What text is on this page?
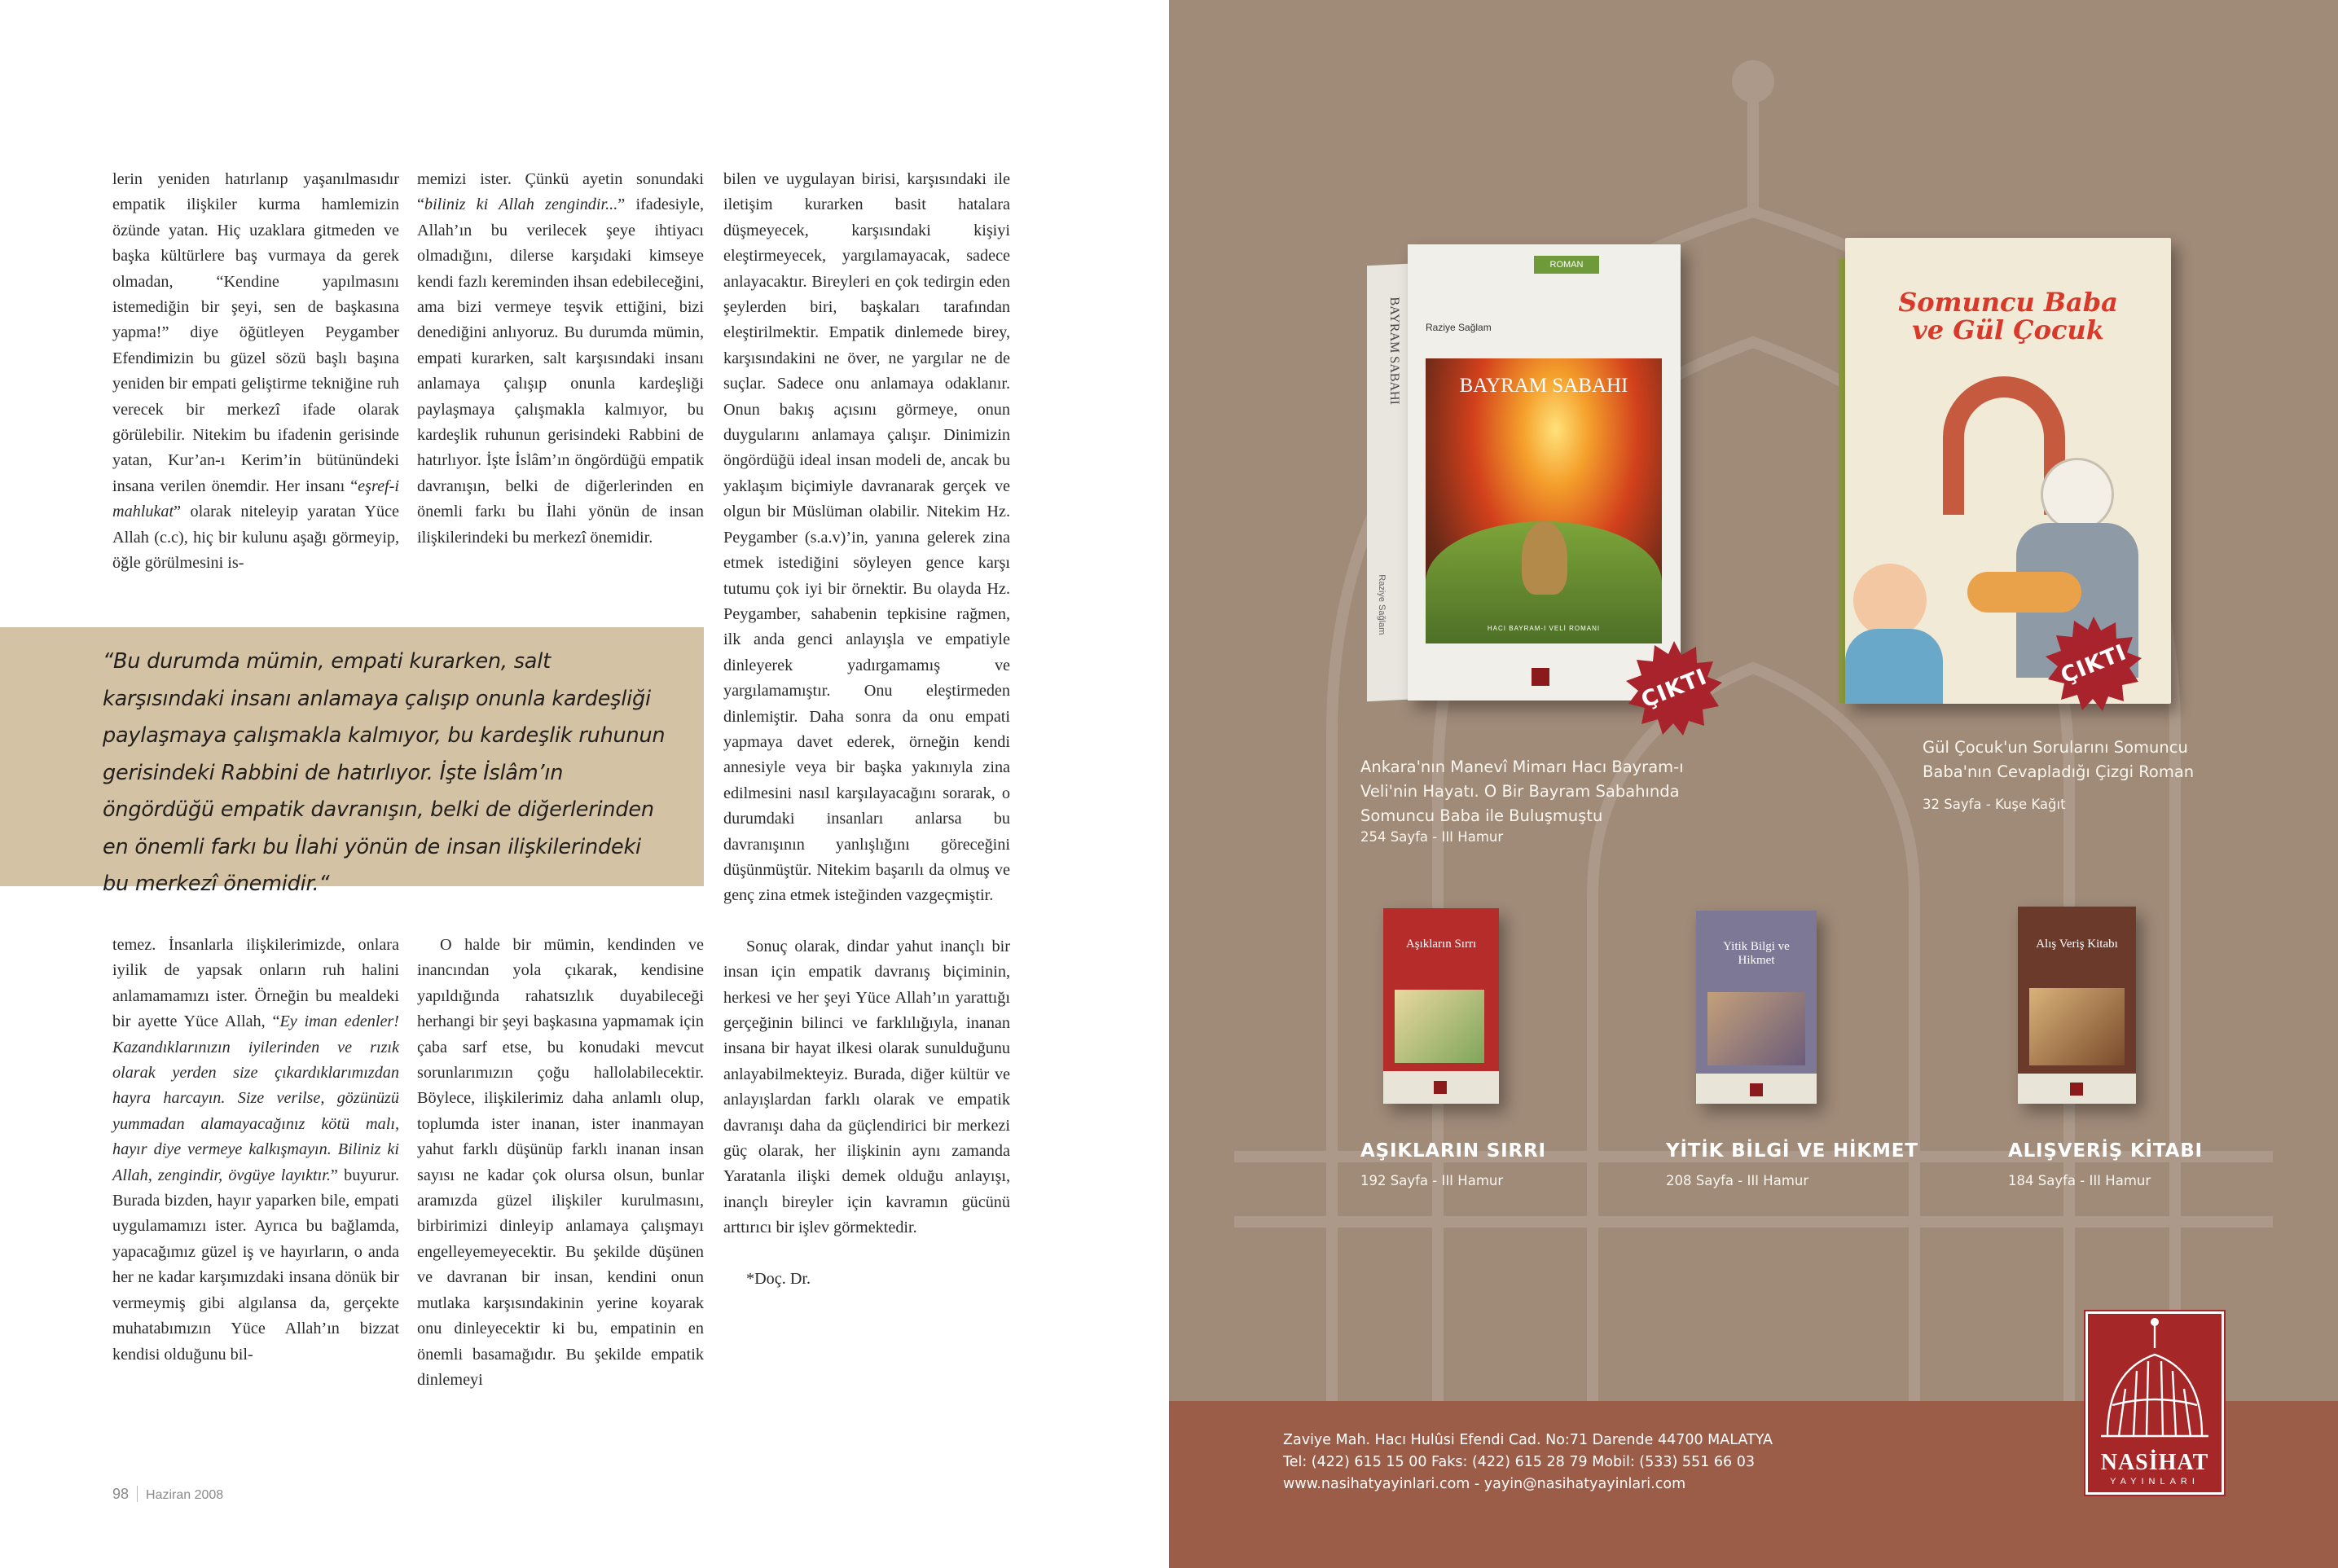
lerin yeniden hatırlanıp yaşanılmasıdır empatik ilişkiler kurma hamlemizin özünde yatan. Hiç uzaklara gitmeden ve başka kültürlere baş vurmaya da gerek olmadan, “Kendine yapılmasını istemediğin bir şeyi, sen de başkasına yapma!” diye öğütleyen Peygamber Efendimizin bu güzel sözü başlı başına yeniden bir empati geliştirme tekniğine ruh verecek bir merkezî ifade olarak görülebilir. Nitekim bu ifadenin gerisinde yatan, Kur’an-ı Kerim’in bütünündeki insana verilen önemdir. Her insanı “eşref-i mahlukat” olarak niteleyip yaratan Yüce Allah (c.c), hiç bir kulunu aşağı görmeyip, öğle görülmesini is-

memizi ister. Çünkü ayetin sonundaki “biliniz ki Allah zengindir...” ifadesiyle, Allah’ın bu verilecek şeye ihtiyacı olmadığını, dilerse karşıdaki kimseye kendi fazlı kereminden ihsan edebileceğini, ama bizi vermeye teşvik ettiğini, bizi denediğini anlıyoruz. Bu durumda mümin, empati kurarken, salt karşısındaki insanı anlamaya çalışıp onunla kardeşliği paylaşmaya çalışmakla kalmıyor, bu kardeşlik ruhunun gerisindeki Rabbini de hatırlıyor. İşte İslâm’ın öngördüğü empatik davranışın, belki de diğerlerinden en önemli farkı bu İlahi yönün de insan ilişkilerindeki bu merkezî önemidir.

bilen ve uygulayan birisi, karşısındaki ile iletişim kurarken basit hatalara düşmeyecek, karşısındaki kişiyi eleştirmeyecek, yargılamayacak, sadece anlayacaktır. Bireyleri en çok tedirgin eden şeylerden biri, başkaları tarafından eleştirilmektir. Empatik dinlemede birey, karşısındakini ne över, ne yargılar ne de suçlar. Sadece onu anlamaya odaklanır. Onun bakış açısını görmeye, onun duygularını anlamaya çalışır. Dinimizin öngördüğü ideal insan modeli de, ancak bu yaklaşım biçimiyle davranarak gerçek ve olgun bir Müslüman olabilir. Nitekim Hz. Peygamber (s.a.v)’in, yanına gelerek zina etmek istediğini söyleyen gence karşı tutumu çok iyi bir örnektir. Bu olayda Hz. Peygamber, sahabenin tepkisine rağmen, ilk anda genci anlayışla ve empatiyle dinleyerek yadırgamamış ve yargılamamıştır. Onu eleştirmeden dinlemiştir. Daha sonra da onu empati yapmaya davet ederek, örneğin kendi annesiyle veya bir başka yakınıyla zina edilmesini nasıl karşılayacağını sorarak, o durumdaki insanları anlarsa bu davranışının yanlışlığını göreceğini düşünmüştür. Nitekim başarılı da olmuş ve genç zina etmek isteğinden vazgeçmiştir.

Sonuç olarak, dindar yahut inançlı bir insan için empatik davranış biçiminin, herkesi ve her şeyi Yüce Allah’ın yarattığı gerçeğinin bilinci ve farklılığıyla, inanan insana bir hayat ilkesi olarak sunulduğunu anlayabilmekteyiz. Burada, diğer kültür ve anlayışlardan farklı olarak ve empatik davranışı daha da güçlendirici bir merkezi güç olarak, her ilişkinin aynı zamanda Yaratanla ilişki demek olduğu anlayışı, inançlı bireyler için kavramın gücünü arttırıcı bir işlev görmektedir.

*Doç. Dr.

“Bu durumda mümin, empati kurarken, salt karşısındaki insanı anlamaya çalışıp onunla kardeşliği paylaşmaya çalışmakla kalmıyor, bu kardeşlik ruhunun gerisindeki Rabbini de hatırlıyor. İşte İslâm’ın öngördüğü empatik davranışın, belki de diğerlerinden en önemli farkı bu İlahi yönün de insan ilişkilerindeki bu merkezî önemidir.“

temez. İnsanlarla ilişkilerimizde, onlara iyilik de yapsak onların ruh halini anlamamamızı ister. Örneğin bu mealdeki bir ayette Yüce Allah, “Ey iman edenler! Kazandıklarınızın iyilerinden ve rızık olarak yerden size çıkardıklarımızdan hayra harcayın. Size verilse, gözünüzü yummadan alamayacağınız kötü malı, hayır diye vermeye kalkışmayın. Biliniz ki Allah, zengindir, övgüye layıktır.” buyurur. Burada bizden, hayır yaparken bile, empati uygulamamızı ister. Ayrıca bu bağlamda, yapacağımız güzel iş ve hayırların, o anda her ne kadar karşımızdaki insana dönük bir vermeymiş gibi algılansa da, gerçekte muhatabımızın Yüce Allah’ın bizzat kendisi olduğunu bil-

O halde bir mümin, kendinden ve inancından yola çıkarak, kendisine yapıldığında rahatsızlık duyabileceği herhangi bir şeyi başkasına yapmamak için çaba sarf etse, bu konudaki mevcut sorunlarımızın çoğu hallolabilecektir. Böylece, ilişkilerimiz daha anlamlı olup, toplumda ister inanan, ister inanmayan yahut farklı düşünüp farklı inanan insan sayısı ne kadar çok olursa olsun, bunlar aramızda güzel ilişkiler kurulmasını, birbirimizi dinleyip anlamaya çalışmayı engelleyemeyecektir. Bu şekilde düşünen ve davranan bir insan, kendini onun mutlaka karşısındakinin yerine koyarak onu dinleyecektir ki bu, empatinin en önemli basamağıdır. Bu şekilde empatik dinlemeyi

98 Haziran 2008
BAYRAM SABAHI
Raziye Sağlam
ROMAN
Raziye Sağlam
BAYRAM SABAHI
HACI BAYRAM-I VELİ ROMANI
ÇIKTI
Ankara'nın Manevî Mimarı Hacı Bayram-ı Veli'nin Hayatı. O Bir Bayram Sabahında Somuncu Baba ile Buluşmuştu
254 Sayfa - III Hamur
Somuncu Baba
ve Gül Çocuk
ÇIKTI
Gül Çocuk'un Sorularını Somuncu Baba'nın Cevapladığı Çizgi Roman
32 Sayfa - Kuşe Kağıt
Aşıkların Sırrı
AŞIKLARIN SIRRI
192 Sayfa - III Hamur
Yitik Bilgi ve Hikmet
YİTİK BİLGİ VE HİKMET
208 Sayfa - III Hamur
Alış Veriş Kitabı
ALIŞVERİŞ KİTABI
184 Sayfa - III Hamur
Zaviye Mah. Hacı Hulûsi Efendi Cad. No:71 Darende 44700 MALATYA
Tel: (422) 615 15 00 Faks: (422) 615 28 79 Mobil: (533) 551 66 03
www.nasihatyayinlari.com - yayin@nasihatyayinlari.com
NASİHAT
YAYINLARI
